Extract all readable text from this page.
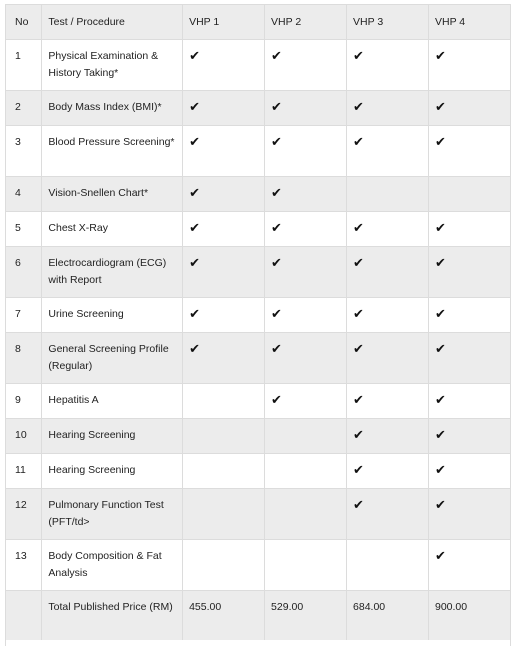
No	Test / Procedure	VHP 1	VHP 2	VHP 3	VHP 4
1	Physical Examination & History Taking*	✔	✔	✔	✔
2	Body Mass Index (BMI)*	✔	✔	✔	✔
3	Blood Pressure Screening*	✔	✔	✔	✔
4	Vision-Snellen Chart*	✔	✔		
5	Chest X-Ray	✔	✔	✔	✔
6	Electrocardiogram (ECG) with Report	✔	✔	✔	✔
7	Urine Screening	✔	✔	✔	✔
8	General Screening Profile (Regular)	✔	✔	✔	✔
9	Hepatitis A		✔	✔	✔
10	Hearing Screening			✔	✔
11	Hearing Screening			✔	✔
12	Pulmonary Function Test (PFT/td>			✔	✔
13	Body Composition & Fat Analysis				✔
	Total Published Price (RM)	455.00	529.00	684.00	900.00
